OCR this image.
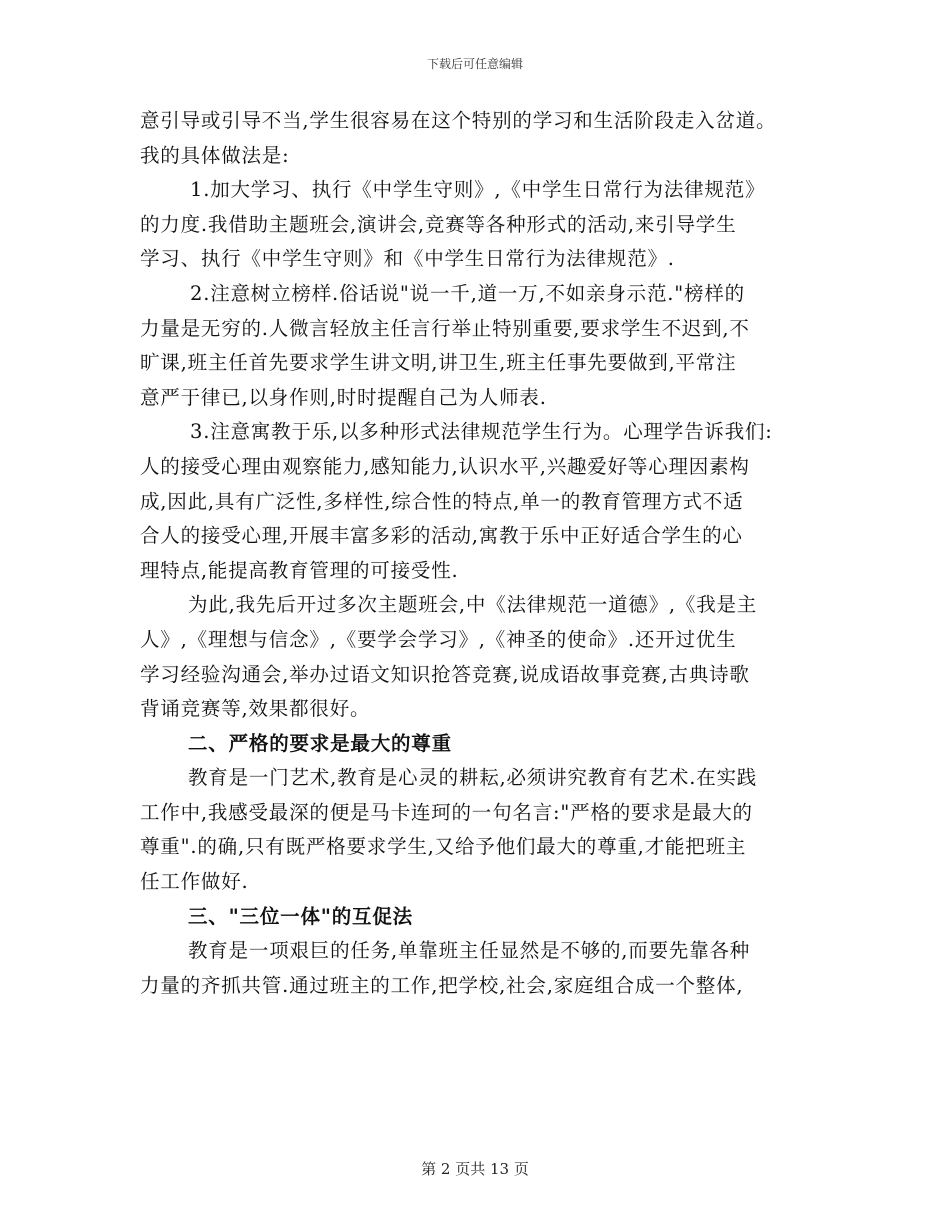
下载后可任意编辑
意引导或引导不当,学生很容易在这个特别的学习和生活阶段走入岔道。
我的具体做法是:
1.加大学习、执行《中学生守则》,《中学生日常行为法律规范》
的力度.我借助主题班会,演讲会,竞赛等各种形式的活动,来引导学生
学习、执行《中学生守则》和《中学生日常行为法律规范》.
2.注意树立榜样.俗话说"说一千,道一万,不如亲身示范."榜样的
力量是无穷的.人微言轻放主任言行举止特别重要,要求学生不迟到,不
旷课,班主任首先要求学生讲文明,讲卫生,班主任事先要做到,平常注
意严于律已,以身作则,时时提醒自己为人师表.
3.注意寓教于乐,以多种形式法律规范学生行为。心理学告诉我们:
人的接受心理由观察能力,感知能力,认识水平,兴趣爱好等心理因素构
成,因此,具有广泛性,多样性,综合性的特点,单一的教育管理方式不适
合人的接受心理,开展丰富多彩的活动,寓教于乐中正好适合学生的心
理特点,能提高教育管理的可接受性.
为此,我先后开过多次主题班会,中《法律规范一道德》,《我是主
人》,《理想与信念》,《要学会学习》,《神圣的使命》.还开过优生
学习经验沟通会,举办过语文知识抢答竞赛,说成语故事竞赛,古典诗歌
背诵竞赛等,效果都很好。
二、严格的要求是最大的尊重
教育是一门艺术,教育是心灵的耕耘,必须讲究教育有艺术.在实践
工作中,我感受最深的便是马卡连珂的一句名言:"严格的要求是最大的
尊重".的确,只有既严格要求学生,又给予他们最大的尊重,才能把班主
任工作做好.
三、"三位一体"的互促法
教育是一项艰巨的任务,单靠班主任显然是不够的,而要先靠各种
力量的齐抓共管.通过班主的工作,把学校,社会,家庭组合成一个整体,
第 2 页共 13 页
